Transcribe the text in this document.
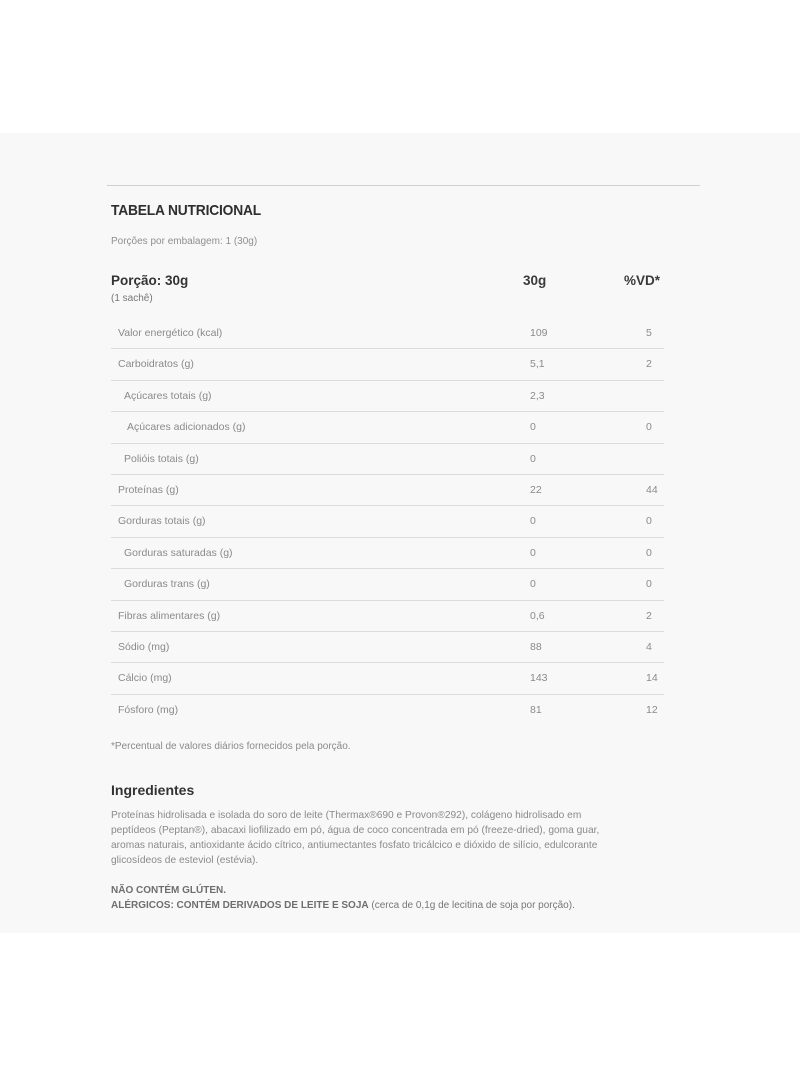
TABELA NUTRICIONAL
Porções por embalagem: 1 (30g)
Porção: 30g
(1 sachê)
30g	%VD*
Valor energético (kcal)	109	5
Carboidratos (g)	5,1	2
Açúcares totais (g)	2,3
Açúcares adicionados (g)	0	0
Polióis totais (g)	0
Proteínas (g)	22	44
Gorduras totais (g)	0	0
Gorduras saturadas (g)	0	0
Gorduras trans (g)	0	0
Fibras alimentares (g)	0,6	2
Sódio (mg)	88	4
Cálcio (mg)	143	14
Fósforo (mg)	81	12
*Percentual de valores diários fornecidos pela porção.
Ingredientes
Proteínas hidrolisada e isolada do soro de leite (Thermax®690 e Provon®292), colágeno hidrolisado em
peptídeos (Peptan®), abacaxi liofilizado em pó, água de coco concentrada em pó (freeze-dried), goma guar,
aromas naturais, antioxidante ácido cítrico, antiumectantes fosfato tricálcico e dióxido de silício, edulcorante
glicosídeos de esteviol (estévia).
NÃO CONTÉM GLÚTEN.
ALÉRGICOS: CONTÉM DERIVADOS DE LEITE E SOJA (cerca de 0,1g de lecitina de soja por porção).
